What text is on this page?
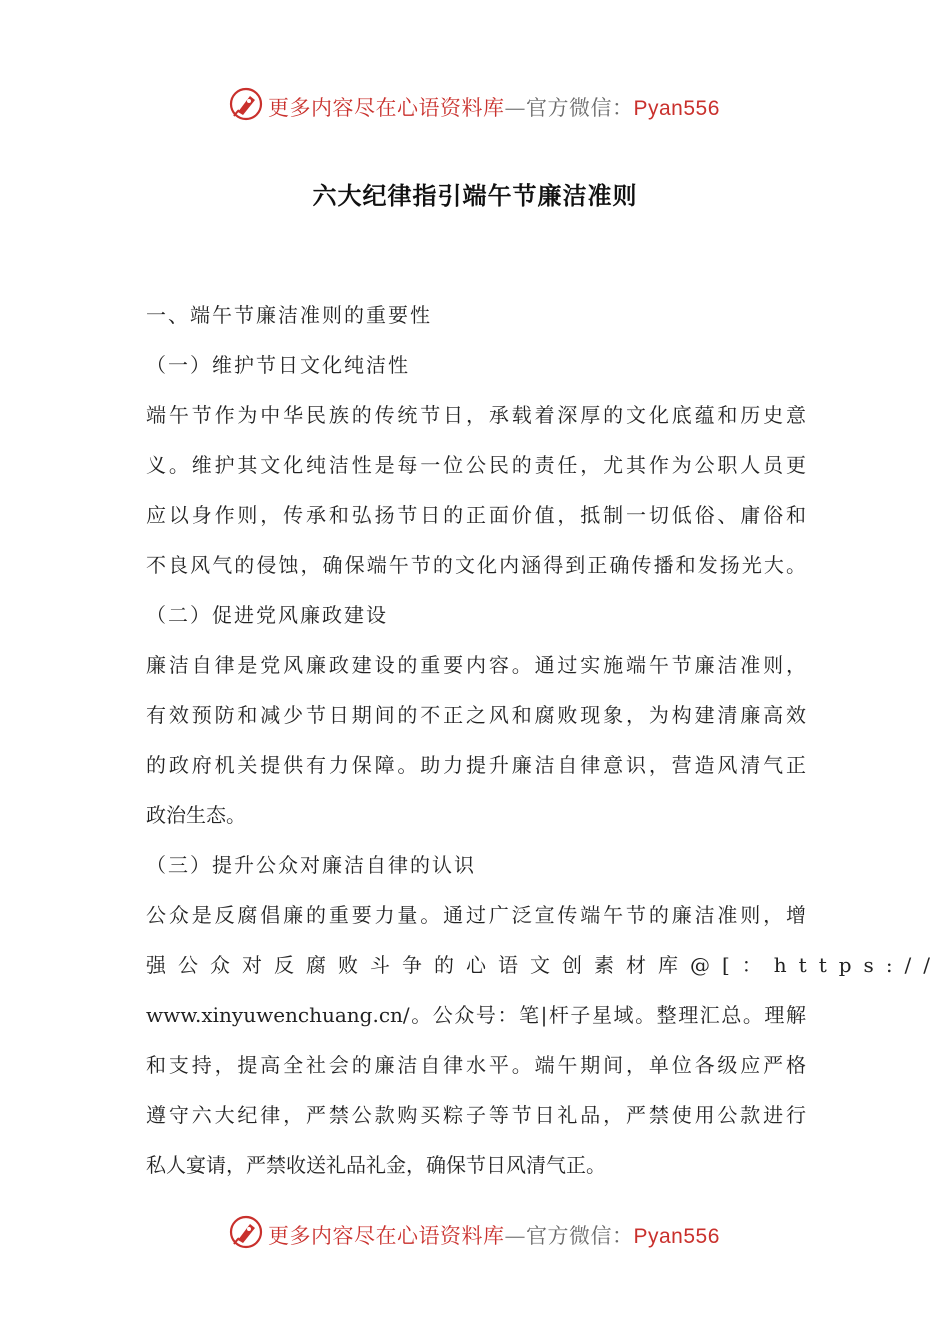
更多内容尽在心语资料库—官方微信：Pyan556
六大纪律指引端午节廉洁准则
一、端午节廉洁准则的重要性
（一）维护节日文化纯洁性
端午节作为中华民族的传统节日，承载着深厚的文化底蕴和历史意
义。维护其文化纯洁性是每一位公民的责任，尤其作为公职人员更
应以身作则，传承和弘扬节日的正面价值，抵制一切低俗、庸俗和
不良风气的侵蚀，确保端午节的文化内涵得到正确传播和发扬光大。
（二）促进党风廉政建设
廉洁自律是党风廉政建设的重要内容。通过实施端午节廉洁准则，
有效预防和减少节日期间的不正之风和腐败现象，为构建清廉高效
的政府机关提供有力保障。助力提升廉洁自律意识，营造风清气正
政治生态。
（三）提升公众对廉洁自律的认识
公众是反腐倡廉的重要力量。通过广泛宣传端午节的廉洁准则，增
强公众对反腐败斗争的心语文创素材库@[：https://
www.xinyuwenchuang.cn/。公众号：笔|杆子星域。整理汇总。理解
和支持，提高全社会的廉洁自律水平。端午期间，单位各级应严格
遵守六大纪律，严禁公款购买粽子等节日礼品，严禁使用公款进行
私人宴请，严禁收送礼品礼金，确保节日风清气正。
更多内容尽在心语资料库—官方微信：Pyan556
